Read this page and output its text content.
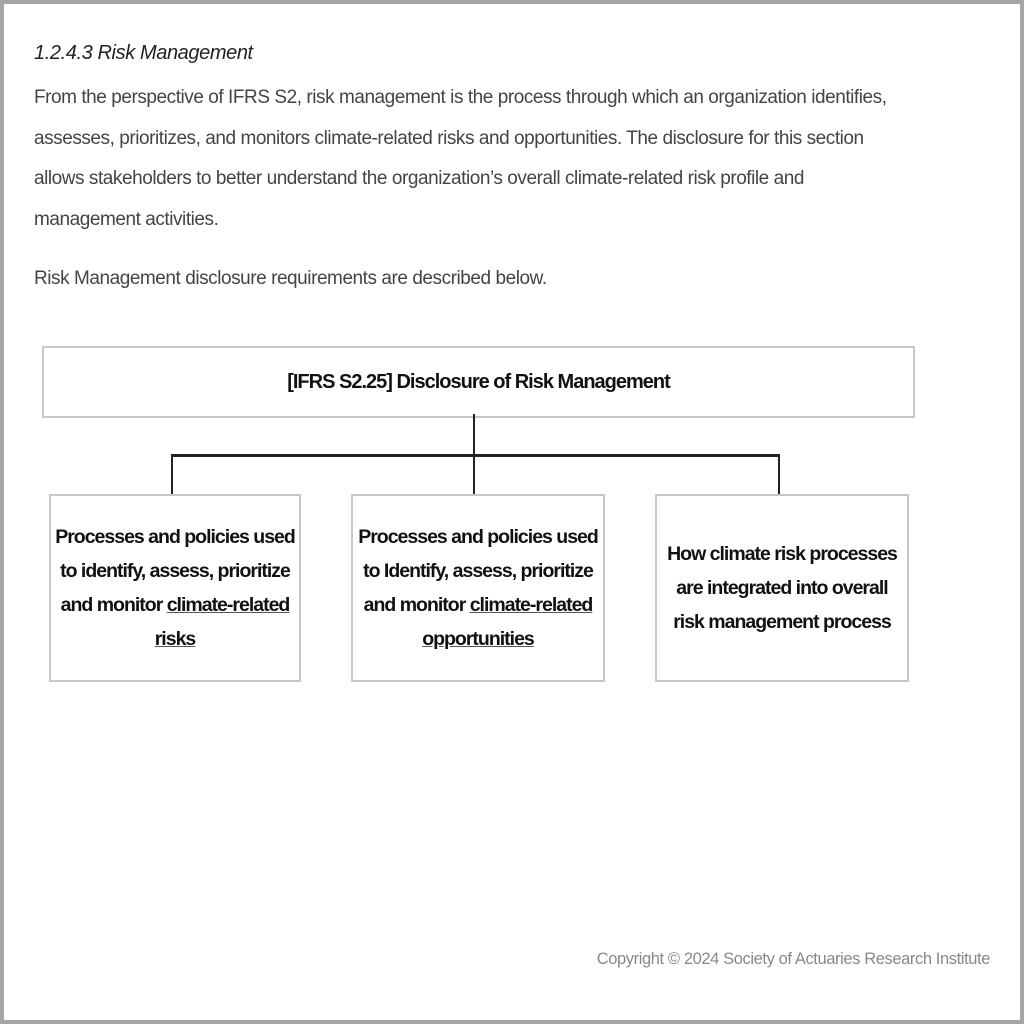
1.2.4.3 Risk Management

From the perspective of IFRS S2, risk management is the process through which an organization identifies,
assesses, prioritizes, and monitors climate-related risks and opportunities. The disclosure for this section
allows stakeholders to better understand the organization’s overall climate-related risk profile and
management activities.

Risk Management disclosure requirements are described below.
[IFRS S2.25] Disclosure of Risk Management
Processes and policies used to identify, assess, prioritize and monitor climate-related risks
Processes and policies used to Identify, assess, prioritize and monitor climate-related opportunities
How climate risk processes are integrated into overall risk management process
Copyright © 2024 Society of Actuaries Research Institute
